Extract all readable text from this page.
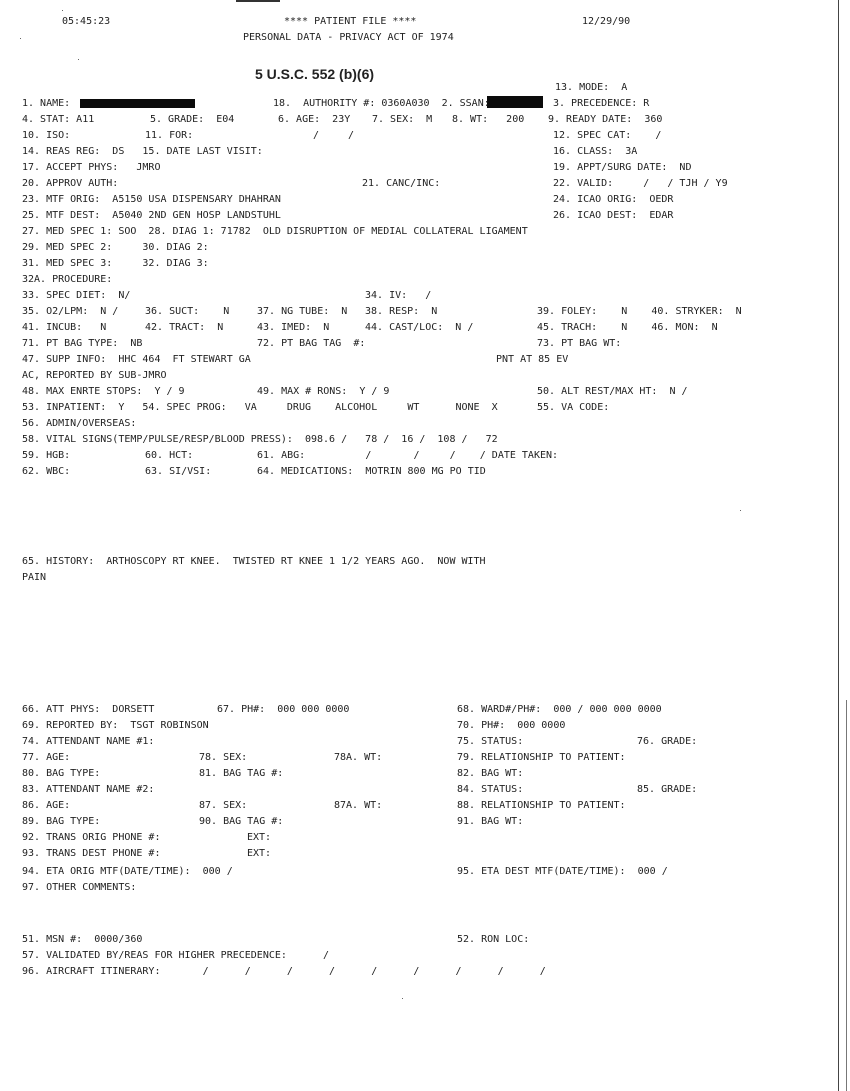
05:45:23	**** PATIENT FILE ****
PERSONAL DATA - PRIVACY ACT OF 1974
12/29/90
5 U.S.C. 552 (b)(6)
13. MODE:  A
1. NAME:	18.  AUTHORITY #: 0360A030  2. SSAN:	3. PRECEDENCE: R
4. STAT: A11	5. GRADE:  E04	6. AGE:  23Y 7. SEX:  M 8. WT:   200 9. READY DATE:  360
10. ISO:	11. FOR:	/	/	12. SPEC CAT:    /
14. REAS REG:  DS   15. DATE LAST VISIT:	16. CLASS:  3A
17. ACCEPT PHYS:   JMRO	19. APPT/SURG DATE:  ND
20. APPROV AUTH:	21. CANC/INC:	22. VALID:     /   / TJH / Y9
23. MTF ORIG:  A5150 USA DISPENSARY DHAHRAN	24. ICAO ORIG:  OEDR
25. MTF DEST:  A5040 2ND GEN HOSP LANDSTUHL	26. ICAO DEST:  EDAR
27. MED SPEC 1: SOO  28. DIAG 1: 71782  OLD DISRUPTION OF MEDIAL COLLATERAL LIGAMENT
29. MED SPEC 2:     30. DIAG 2:
31. MED SPEC 3:     32. DIAG 3:
32A. PROCEDURE:
33. SPEC DIET:  N/	34. IV:   /
35. O2/LPM:  N /	36. SUCT:    N	37. NG TUBE:  N 38. RESP:  N	39. FOLEY:    N    40. STRYKER:  N
41. INCUB:   N	42. TRACT:  N	43. IMED:  N	44. CAST/LOC:  N /	45. TRACH:    N    46. MON:  N
71. PT BAG TYPE:  NB	72. PT BAG TAG  #:	73. PT BAG WT:
47. SUPP INFO:  HHC 464  FT STEWART GA	PNT AT 85 EV
AC, REPORTED BY SUB-JMRO
48. MAX ENRTE STOPS:  Y / 9	49. MAX # RONS:  Y / 9	50. ALT REST/MAX HT:  N /
53. INPATIENT:  Y   54. SPEC PROG:   VA     DRUG    ALCOHOL     WT      NONE  X	55. VA CODE:
56. ADMIN/OVERSEAS:
58. VITAL SIGNS(TEMP/PULSE/RESP/BLOOD PRESS):  098.6 /   78 /  16 /  108 /   72
59. HGB:	60. HCT:	61. ABG:          /       /     /    / DATE TAKEN:
62. WBC:	63. SI/VSI:	64. MEDICATIONS:  MOTRIN 800 MG PO TID
65. HISTORY:  ARTHOSCOPY RT KNEE.  TWISTED RT KNEE 1 1/2 YEARS AGO.  NOW WITH
PAIN
66. ATT PHYS:  DORSETT	67. PH#:  000 000 0000	68. WARD#/PH#:  000 / 000 000 0000
69. REPORTED BY:  TSGT ROBINSON	70. PH#:  000 0000
74. ATTENDANT NAME #1:	75. STATUS:	76. GRADE:
77. AGE:	78. SEX:	78A. WT:	79. RELATIONSHIP TO PATIENT:
80. BAG TYPE:	81. BAG TAG #:	82. BAG WT:
83. ATTENDANT NAME #2:	84. STATUS:	85. GRADE:
86. AGE:	87. SEX:	87A. WT:	88. RELATIONSHIP TO PATIENT:
89. BAG TYPE:	90. BAG TAG #:	91. BAG WT:
92. TRANS ORIG PHONE #:	EXT:
93. TRANS DEST PHONE #:	EXT:
94. ETA ORIG MTF(DATE/TIME):  000 /	95. ETA DEST MTF(DATE/TIME):  000 /
97. OTHER COMMENTS:
51. MSN #:  0000/360	52. RON LOC:
57. VALIDATED BY/REAS FOR HIGHER PRECEDENCE:      /
96. AIRCRAFT ITINERARY:       /      /      /      /      /      /      /      /      /
